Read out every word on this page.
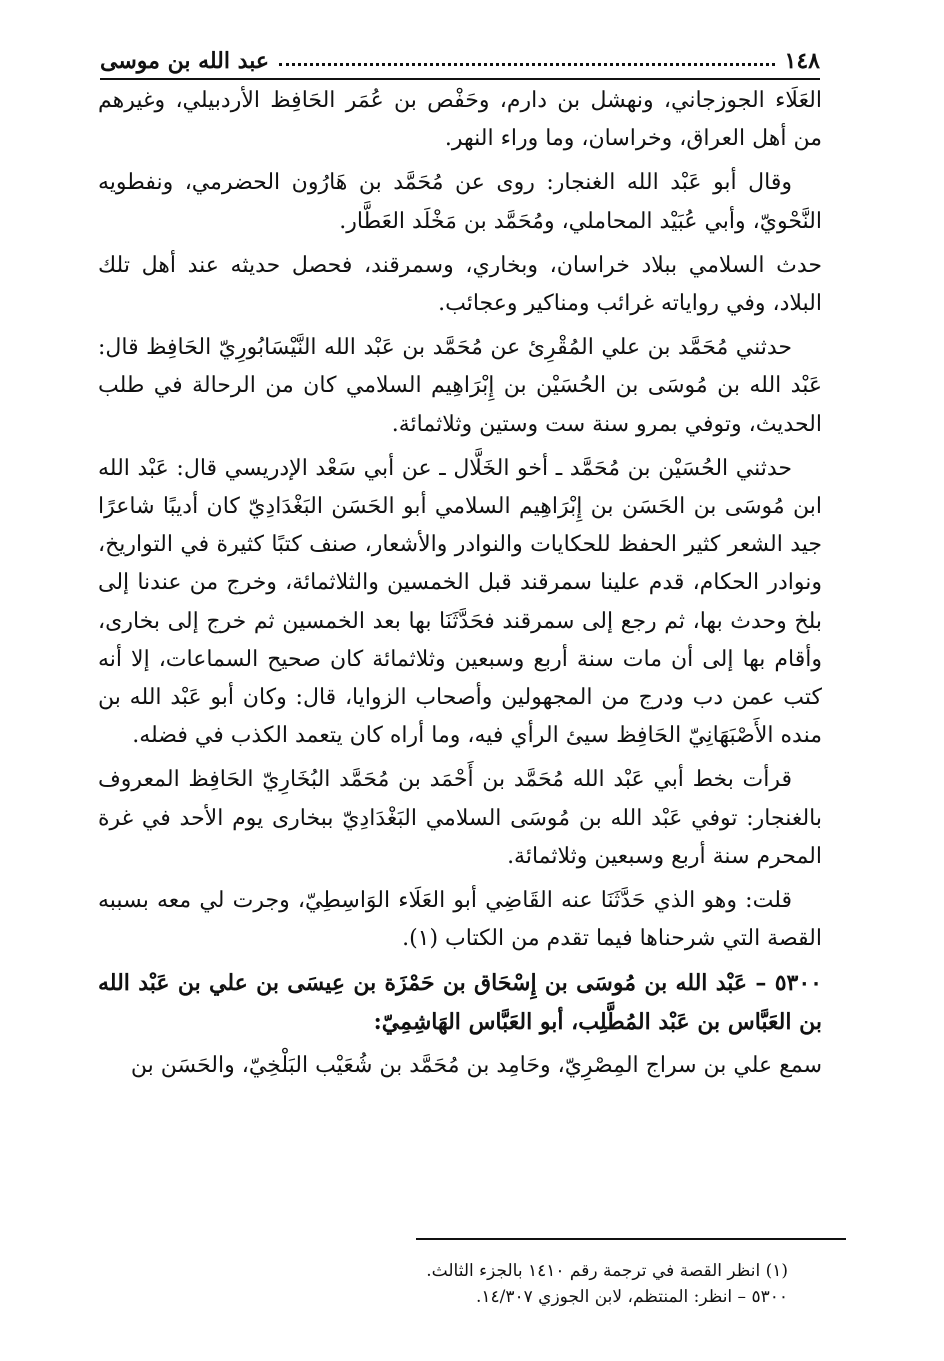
١٤٨
عبد الله بن موسى

العَلَاء الجوزجاني، ونهشل بن دارم، وحَفْص بن عُمَر الحَافِظ الأردبيلي، وغيرهم من أهل العراق، وخراسان، وما وراء النهر.

وقال أبو عَبْد الله الغنجار: روى عن مُحَمَّد بن هَارُون الحضرمي، ونفطويه النَّحْويّ، وأبي عُبَيْد المحاملي، ومُحَمَّد بن مَخْلَد العَطَّار.

حدث السلامي ببلاد خراسان، وبخاري، وسمرقند، فحصل حديثه عند أهل تلك البلاد، وفي رواياته غرائب ومناكير وعجائب.

حدثني مُحَمَّد بن علي المُقْرِئ عن مُحَمَّد بن عَبْد الله النَّيْسَابُورِيّ الحَافِظ قال: عَبْد الله بن مُوسَى بن الحُسَيْن بن إِبْرَاهِيم السلامي كان من الرحالة في طلب الحديث، وتوفي بمرو سنة ست وستين وثلاثمائة.

حدثني الحُسَيْن بن مُحَمَّد ـ أخو الخَلَّال ـ عن أبي سَعْد الإدريسي قال: عَبْد الله ابن مُوسَى بن الحَسَن بن إِبْرَاهِيم السلامي أبو الحَسَن البَغْدَادِيّ كان أديبًا شاعرًا جيد الشعر كثير الحفظ للحكايات والنوادر والأشعار، صنف كتبًا كثيرة في التواريخ، ونوادر الحكام، قدم علينا سمرقند قبل الخمسين والثلاثمائة، وخرج من عندنا إلى بلخ وحدث بها، ثم رجع إلى سمرقند فحَدَّثَنَا بها بعد الخمسين ثم خرج إلى بخارى، وأقام بها إلى أن مات سنة أربع وسبعين وثلاثمائة كان صحيح السماعات، إلا أنه كتب عمن دب ودرج من المجهولين وأصحاب الزوايا، قال: وكان أبو عَبْد الله بن منده الأَصْبَهَانِيّ الحَافِظ سيئ الرأي فيه، وما أراه كان يتعمد الكذب في فضله.

قرأت بخط أبي عَبْد الله مُحَمَّد بن أَحْمَد بن مُحَمَّد البُخَارِيّ الحَافِظ المعروف بالغنجار: توفي عَبْد الله بن مُوسَى السلامي البَغْدَادِيّ ببخارى يوم الأحد في غرة المحرم سنة أربع وسبعين وثلاثمائة.

قلت: وهو الذي حَدَّثَنَا عنه القَاضِي أبو العَلَاء الوَاسِطِيّ، وجرت لي معه بسببه القصة التي شرحناها فيما تقدم من الكتاب (١).

٥٣٠٠ – عَبْد الله بن مُوسَى بن إِسْحَاق بن حَمْزَة بن عِيسَى بن علي بن عَبْد الله بن العَبَّاس بن عَبْد المُطَّلِب، أبو العَبَّاس الهَاشِمِيّ:

سمع علي بن سراج المِصْرِيّ، وحَامِد بن مُحَمَّد بن شُعَيْب البَلْخِيّ، والحَسَن بن

(١) انظر القصة في ترجمة رقم ١٤١٠ بالجزء الثالث.
٥٣٠٠ – انظر: المنتظم، لابن الجوزي ١٤/٣٠٧.
